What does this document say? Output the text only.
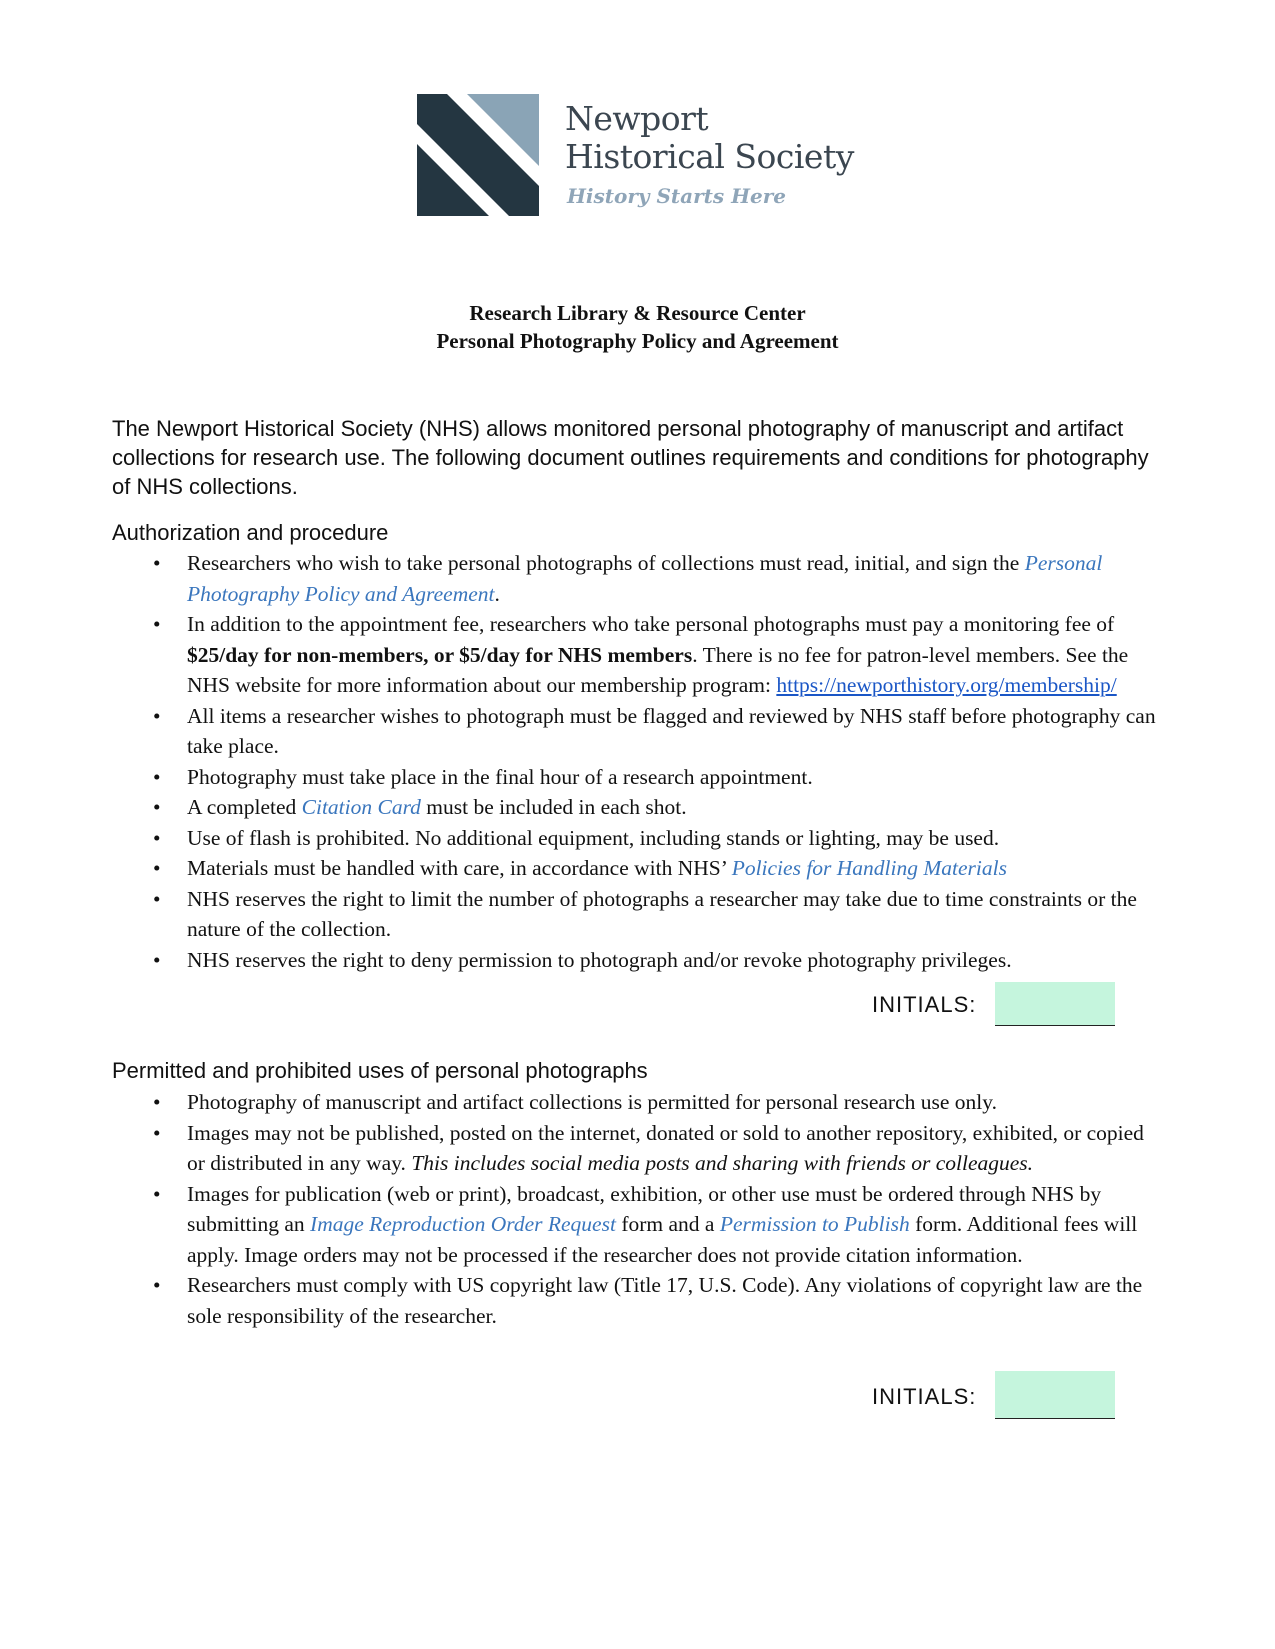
Newport
Historical Society
History Starts Here
Research Library & Resource Center
Personal Photography Policy and Agreement
The Newport Historical Society (NHS) allows monitored personal photography of manuscript and artifact collections for research use. The following document outlines requirements and conditions for photography of NHS collections.
Authorization and procedure
• Researchers who wish to take personal photographs of collections must read, initial, and sign the Personal Photography Policy and Agreement.
• In addition to the appointment fee, researchers who take personal photographs must pay a monitoring fee of $25/day for non-members, or $5/day for NHS members. There is no fee for patron-level members. See the NHS website for more information about our membership program: https://newporthistory.org/membership/
• All items a researcher wishes to photograph must be flagged and reviewed by NHS staff before photography can take place.
• Photography must take place in the final hour of a research appointment.
• A completed Citation Card must be included in each shot.
• Use of flash is prohibited. No additional equipment, including stands or lighting, may be used.
• Materials must be handled with care, in accordance with NHS’ Policies for Handling Materials
• NHS reserves the right to limit the number of photographs a researcher may take due to time constraints or the nature of the collection.
• NHS reserves the right to deny permission to photograph and/or revoke photography privileges.
INITIALS:
Permitted and prohibited uses of personal photographs
• Photography of manuscript and artifact collections is permitted for personal research use only.
• Images may not be published, posted on the internet, donated or sold to another repository, exhibited, or copied or distributed in any way. This includes social media posts and sharing with friends or colleagues.
• Images for publication (web or print), broadcast, exhibition, or other use must be ordered through NHS by submitting an Image Reproduction Order Request form and a Permission to Publish form. Additional fees will apply. Image orders may not be processed if the researcher does not provide citation information.
• Researchers must comply with US copyright law (Title 17, U.S. Code). Any violations of copyright law are the sole responsibility of the researcher.
INITIALS:
